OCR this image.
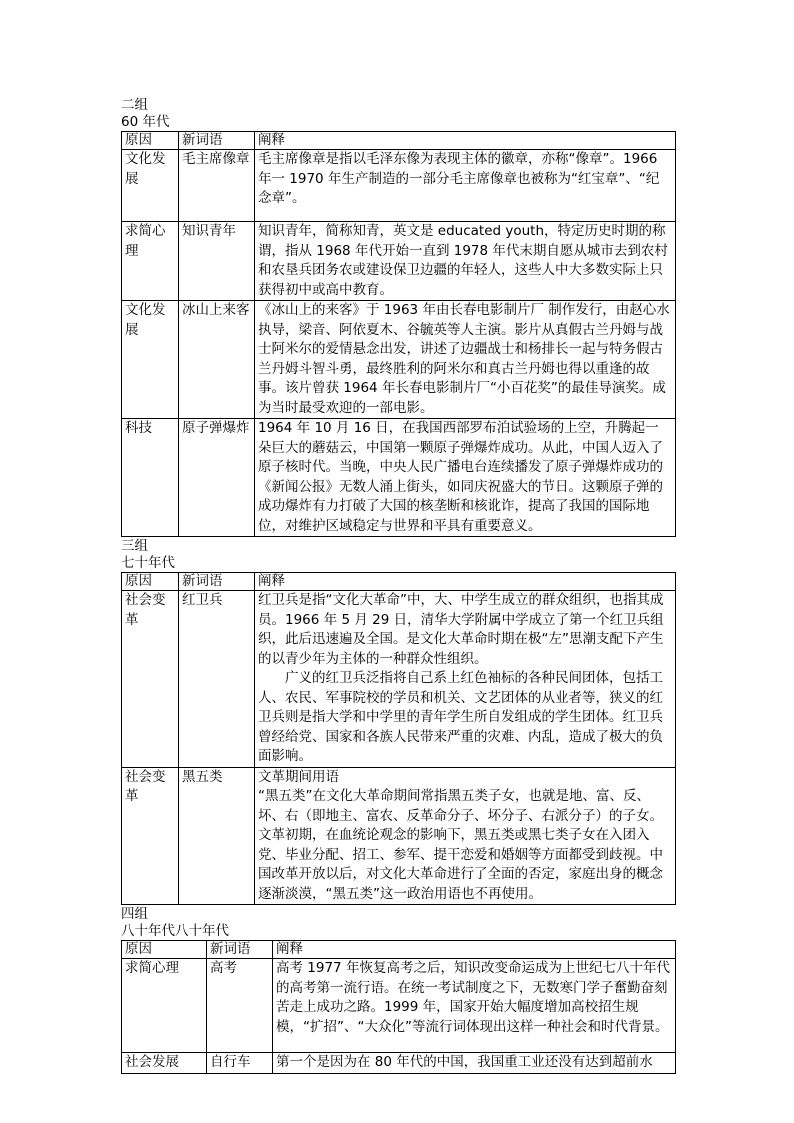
二组

60 年代

原因	新词语	阐释
文化发展	毛主席像章	毛主席像章是指以毛泽东像为表现主体的徽章，亦称“像章”。1966 年一 1970 年生产制造的一部分毛主席像章也被称为“红宝章”、“纪念章”。

求简心理	知识青年	知识青年，简称知青，英文是 educated youth，特定历史时期的称谓，指从 1968 年代开始一直到 1978 年代末期自愿从城市去到农村和农垦兵团务农或建设保卫边疆的年轻人，这些人中大多数实际上只获得初中或高中教育。

文化发展	冰山上来客	《冰山上的来客》于 1963 年由长春电影制片厂 制作发行，由赵心水执导，梁音、阿依夏木、谷毓英等人主演。影片从真假古兰丹姆与战士阿米尔的爱情悬念出发，讲述了边疆战士和杨排长一起与特务假古兰丹姆斗智斗勇，最终胜利的阿米尔和真古兰丹姆也得以重逢的故事。该片曾获 1964 年长春电影制片厂“小百花奖”的最佳导演奖。成为当时最受欢迎的一部电影。

科技	原子弹爆炸	1964 年 10 月 16 日，在我国西部罗布泊试验场的上空，升腾起一朵巨大的蘑菇云，中国第一颗原子弹爆炸成功。从此，中国人迈入了原子核时代。当晚，中央人民广播电台连续播发了原子弹爆炸成功的《新闻公报》无数人涌上街头，如同庆祝盛大的节日。这颗原子弹的成功爆炸有力打破了大国的核垄断和核讹诈，提高了我国的国际地位，对维护区域稳定与世界和平具有重要意义。

三组

七十年代

原因	新词语	阐释
社会变革	红卫兵	红卫兵是指“文化大革命”中，大、中学生成立的群众组织，也指其成员。1966 年 5 月 29 日，清华大学附属中学成立了第一个红卫兵组织，此后迅速遍及全国。是文化大革命时期在极“左”思潮支配下产生的以青少年为主体的一种群众性组织。

广义的红卫兵泛指将自己系上红色袖标的各种民间团体，包括工人、农民、军事院校的学员和机关、文艺团体的从业者等，狭义的红卫兵则是指大学和中学里的青年学生所自发组成的学生团体。红卫兵曾经给党、国家和各族人民带来严重的灾难、内乱，造成了极大的负面影响。

社会变革	黑五类	文革期间用语

“黑五类”在文化大革命期间常指黑五类子女，也就是地、富、反、坏、右（即地主、富农、反革命分子、坏分子、右派分子）的子女。文革初期，在血统论观念的影响下，黑五类或黑七类子女在入团入党、毕业分配、招工、参军、提干恋爱和婚姻等方面都受到歧视。中国改革开放以后，对文化大革命进行了全面的否定，家庭出身的概念逐渐淡漠，“黑五类”这一政治用语也不再使用。

四组

八十年代八十年代

原因	新词语	阐释
求简心理	高考	高考 1977 年恢复高考之后，知识改变命运成为上世纪七八十年代的高考第一流行语。在统一考试制度之下，无数寒门学子奮勤奋刻苦走上成功之路。1999 年，国家开始大幅度增加高校招生规模，“扩招”、“大众化”等流行词体现出这样一种社会和时代背景。

社会发展	自行车	第一个是因为在 80 年代的中国，我国重工业还没有达到超前水
